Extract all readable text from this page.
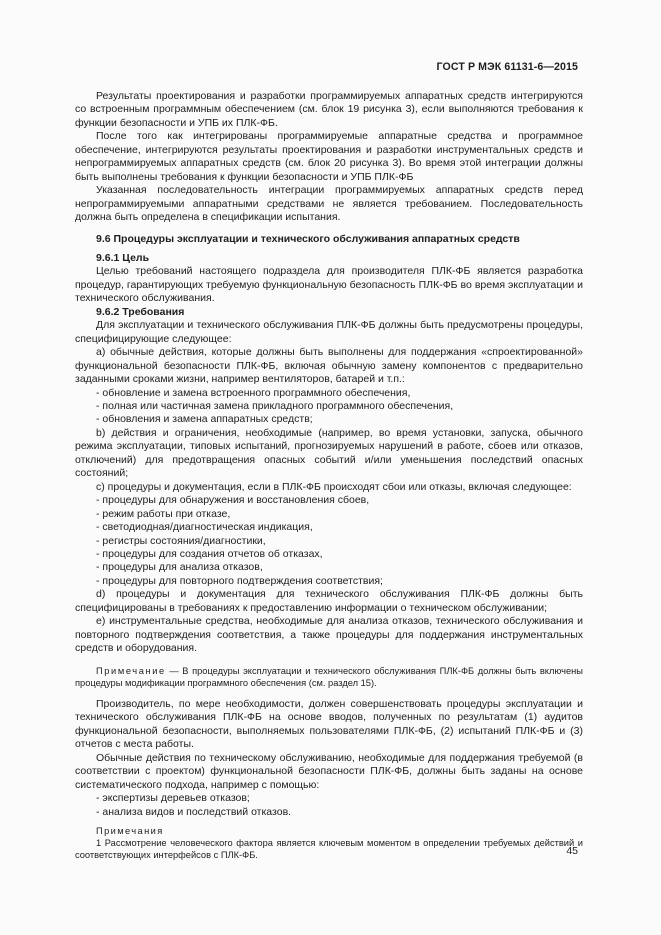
ГОСТ Р МЭК 61131-6—2015

Результаты проектирования и разработки программируемых аппаратных средств интегрируются со встроенным программным обеспечением (см. блок 19 рисунка 3), если выполняются требования к функции безопасности и УПБ их ПЛК-ФБ.

После того как интегрированы программируемые аппаратные средства и программное обеспечение, интегрируются результаты проектирования и разработки инструментальных средств и непрограммируемых аппаратных средств (см. блок 20 рисунка 3). Во время этой интеграции должны быть выполнены требования к функции безопасности и УПБ ПЛК-ФБ

Указанная последовательность интеграции программируемых аппаратных средств перед непрограммируемыми аппаратными средствами не является требованием. Последовательность должна быть определена в спецификации испытания.

9.6 Процедуры эксплуатации и технического обслуживания аппаратных средств

9.6.1 Цель

Целью требований настоящего подраздела для производителя ПЛК-ФБ является разработка процедур, гарантирующих требуемую функциональную безопасность ПЛК-ФБ во время эксплуатации и технического обслуживания.

9.6.2 Требования

Для эксплуатации и технического обслуживания ПЛК-ФБ должны быть предусмотрены процедуры, специфицирующие следующее:

а) обычные действия, которые должны быть выполнены для поддержания «спроектированной» функциональной безопасности ПЛК-ФБ, включая обычную замену компонентов с предварительно заданными сроками жизни, например вентиляторов, батарей и т.п.:

- обновление и замена встроенного программного обеспечения,

- полная или частичная замена прикладного программного обеспечения,

- обновления и замена аппаратных средств;

b) действия и ограничения, необходимые (например, во время установки, запуска, обычного режима эксплуатации, типовых испытаний, прогнозируемых нарушений в работе, сбоев или отказов, отключений) для предотвращения опасных событий и/или уменьшения последствий опасных состояний;

с) процедуры и документация, если в ПЛК-ФБ происходят сбои или отказы, включая следующее:

- процедуры для обнаружения и восстановления сбоев,

- режим работы при отказе,

- светодиодная/диагностическая индикация,

- регистры состояния/диагностики,

- процедуры для создания отчетов об отказах,

- процедуры для анализа отказов,

- процедуры для повторного подтверждения соответствия;

d) процедуры и документация для технического обслуживания ПЛК-ФБ должны быть специфицированы в требованиях к предоставлению информации о техническом обслуживании;

е) инструментальные средства, необходимые для анализа отказов, технического обслуживания и повторного подтверждения соответствия, а также процедуры для поддержания инструментальных средств и оборудования.

Примечание — В процедуры эксплуатации и технического обслуживания ПЛК-ФБ должны быть включены процедуры модификации программного обеспечения (см. раздел 15).

Производитель, по мере необходимости, должен совершенствовать процедуры эксплуатации и технического обслуживания ПЛК-ФБ на основе вводов, полученных по результатам (1) аудитов функциональной безопасности, выполняемых пользователями ПЛК-ФБ, (2) испытаний ПЛК-ФБ и (3) отчетов с места работы.

Обычные действия по техническому обслуживанию, необходимые для поддержания требуемой (в соответствии с проектом) функциональной безопасности ПЛК-ФБ, должны быть заданы на основе систематического подхода, например с помощью:

- экспертизы деревьев отказов;

- анализа видов и последствий отказов.

Примечания

1 Рассмотрение человеческого фактора является ключевым моментом в определении требуемых действий и соответствующих интерфейсов с ПЛК-ФБ.	45
